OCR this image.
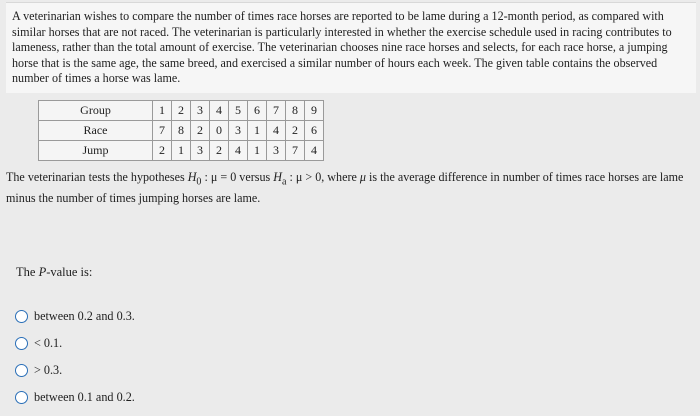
A veterinarian wishes to compare the number of times race horses are reported to be lame during a 12-month period, as compared with similar horses that are not raced. The veterinarian is particularly interested in whether the exercise schedule used in racing contributes to lameness, rather than the total amount of exercise. The veterinarian chooses nine race horses and selects, for each race horse, a jumping horse that is the same age, the same breed, and exercised a similar number of hours each week. The given table contains the observed number of times a horse was lame.

Group	1	2	3	4	5	6	7	8	9
Race	7	8	2	0	3	1	4	2	6
Jump	2	1	3	2	4	1	3	7	4

The veterinarian tests the hypotheses $H_0$ : μ = 0 versus $H_a$ : μ > 0, where μ is the average difference in number of times race horses are lame minus the number of times jumping horses are lame.

The P-value is:

between 0.2 and 0.3.
< 0.1.
> 0.3.
between 0.1 and 0.2.
